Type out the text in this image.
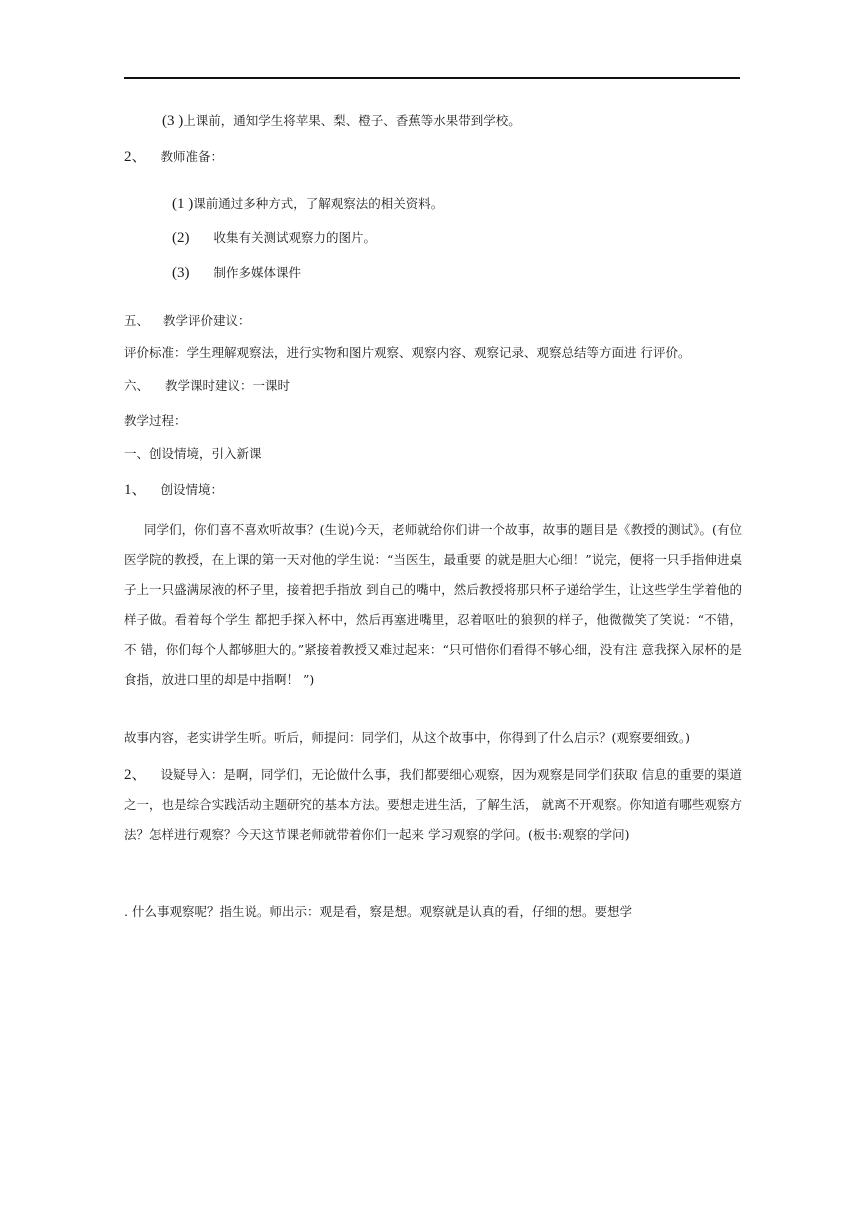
(3 )上课前，通知学生将苹果、梨、橙子、香蕉等水果带到学校。
2、 教师准备：
(1 )课前通过多种方式，了解观察法的相关资料。
(2) 收集有关测试观察力的图片。
(3) 制作多媒体课件
五、 教学评价建议：
评价标准：学生理解观察法，进行实物和图片观察、观察内容、观察记录、观察总结等方面进 行评价。
六、 教学课时建议：一课时
教学过程：
一、创设情境，引入新课
1、 创设情境：
同学们，你们喜不喜欢听故事？(生说)今天，老师就给你们讲一个故事，故事的题目是《教授的测试》。(有位医学院的教授，在上课的第一天对他的学生说：“当医生，最重要 的就是胆大心细！”说完，便将一只手指伸进桌子上一只盛满尿液的杯子里，接着把手指放 到自己的嘴中，然后教授将那只杯子递给学生，让这些学生学着他的样子做。看着每个学生 都把手探入杯中，然后再塞进嘴里，忍着呕吐的狼狈的样子，他微微笑了笑说：“不错，不 错，你们每个人都够胆大的。”紧接着教授又难过起来：“只可惜你们看得不够心细，没有注 意我探入尿杯的是食指，放进口里的却是中指啊！ ”)
故事内容，老实讲学生听。听后，师提问：同学们，从这个故事中，你得到了什么启示？(观察要细致。)
2、 设疑导入：是啊，同学们，无论做什么事，我们都要细心观察，因为观察是同学们获取 信息的重要的渠道之一，也是综合实践活动主题研究的基本方法。要想走进生活，了解生活， 就离不开观察。你知道有哪些观察方法？怎样进行观察？今天这节课老师就带着你们一起来 学习观察的学问。(板书:观察的学问)
. 什么事观察呢？指生说。师出示：观是看，察是想。观察就是认真的看，仔细的想。要想学
